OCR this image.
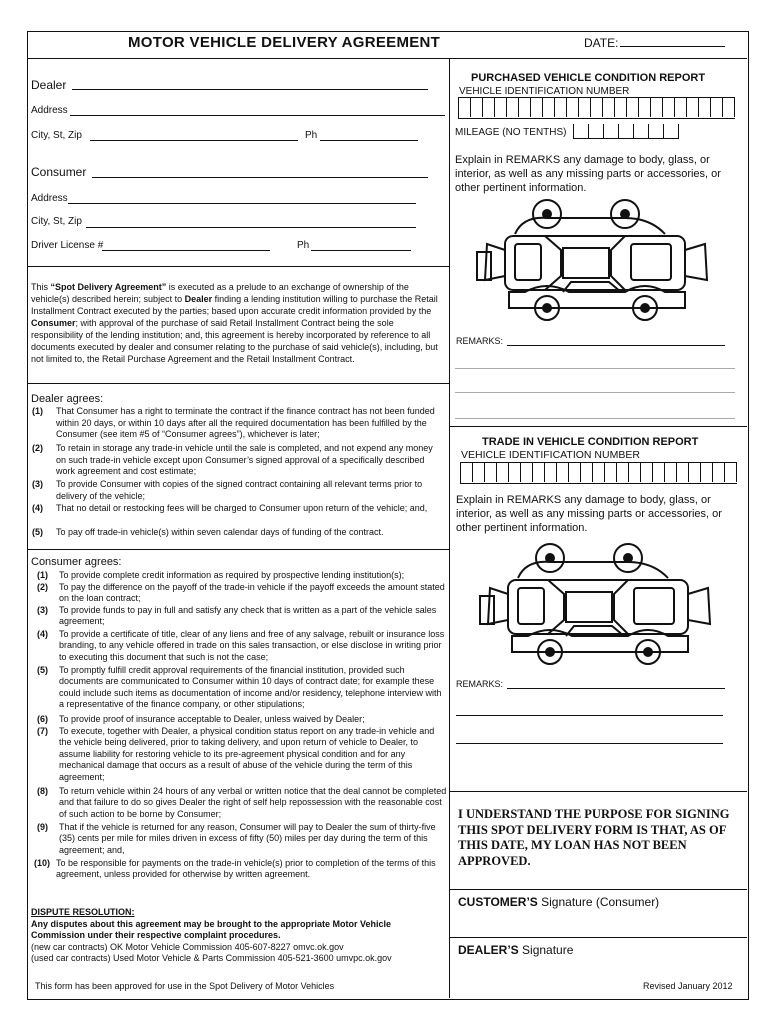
MOTOR VEHICLE DELIVERY AGREEMENT	DATE:
Dealer
Address
City, St, Zip	Ph
Consumer
Address
City, St, Zip
Driver License #	Ph
This “Spot Delivery Agreement” is executed as a prelude to an exchange of ownership of the vehicle(s) described herein; subject to Dealer finding a lending institution willing to purchase the Retail Installment Contract executed by the parties; based upon accurate credit information provided by the Consumer; with approval of the purchase of said Retail Installment Contract being the sole responsibility of the lending institution; and, this agreement is hereby incorporated by reference to all documents executed by dealer and consumer relating to the purchase of said vehicle(s), including, but not limited to, the Retail Purchase Agreement and the Retail Installment Contract.
Dealer agrees:
(1) That Consumer has a right to terminate the contract if the finance contract has not been funded within 20 days, or within 10 days after all the required documentation has been fulfilled by the Consumer (see item #5 of “Consumer agrees”), whichever is later;
(2) To retain in storage any trade-in vehicle until the sale is completed, and not expend any money on such trade-in vehicle except upon Consumer’s signed approval of a specifically described work agreement and cost estimate;
(3) To provide Consumer with copies of the signed contract containing all relevant terms prior to delivery of the vehicle;
(4) That no detail or restocking fees will be charged to Consumer upon return of the vehicle; and,
(5) To pay off trade-in vehicle(s) within seven calendar days of funding of the contract.
Consumer agrees:
(1) To provide complete credit information as required by prospective lending institution(s);
(2) To pay the difference on the payoff of the trade-in vehicle if the payoff exceeds the amount stated on the loan contract;
(3) To provide funds to pay in full and satisfy any check that is written as a part of the vehicle sales agreement;
(4) To provide a certificate of title, clear of any liens and free of any salvage, rebuilt or insurance loss branding, to any vehicle offered in trade on this sales transaction, or else disclose in writing prior to executing this document that such is not the case;
(5) To promptly fulfill credit approval requirements of the financial institution, provided such documents are communicated to Consumer within 10 days of contract date; for example these could include such items as documentation of income and/or residency, telephone interview with a representative of the finance company, or other stipulations;
(6) To provide proof of insurance acceptable to Dealer, unless waived by Dealer;
(7) To execute, together with Dealer, a physical condition status report on any trade-in vehicle and the vehicle being delivered, prior to taking delivery, and upon return of vehicle to Dealer, to assume liability for restoring vehicle to its pre-agreement physical condition and for any mechanical damage that occurs as a result of abuse of the vehicle during the term of this agreement;
(8) To return vehicle within 24 hours of any verbal or written notice that the deal cannot be completed and that failure to do so gives Dealer the right of self help repossession with the reasonable cost of such action to be borne by Consumer;
(9) That if the vehicle is returned for any reason, Consumer will pay to Dealer the sum of thirty-five (35) cents per mile for miles driven in excess of fifty (50) miles per day during the term of this agreement; and,
(10) To be responsible for payments on the trade-in vehicle(s) prior to completion of the terms of this agreement, unless provided for otherwise by written agreement.
DISPUTE RESOLUTION:
Any disputes about this agreement may be brought to the appropriate Motor Vehicle Commission under their respective complaint procedures.
(new car contracts) OK Motor Vehicle Commission 405-607-8227 omvc.ok.gov
(used car contracts) Used Motor Vehicle & Parts Commission 405-521-3600 umvpc.ok.gov
This form has been approved for use in the Spot Delivery of Motor Vehicles	Revised January 2012
PURCHASED VEHICLE CONDITION REPORT
VEHICLE IDENTIFICATION NUMBER
MILEAGE (NO TENTHS)
Explain in REMARKS any damage to body, glass, or interior, as well as any missing parts or accessories, or other pertinent information.
REMARKS:
TRADE IN VEHICLE CONDITION REPORT
VEHICLE IDENTIFICATION NUMBER
Explain in REMARKS any damage to body, glass, or interior, as well as any missing parts or accessories, or other pertinent information.
REMARKS:
I UNDERSTAND THE PURPOSE FOR SIGNING THIS SPOT DELIVERY FORM IS THAT, AS OF THIS DATE, MY LOAN HAS NOT BEEN APPROVED.
CUSTOMER’S Signature (Consumer)
DEALER’S Signature
